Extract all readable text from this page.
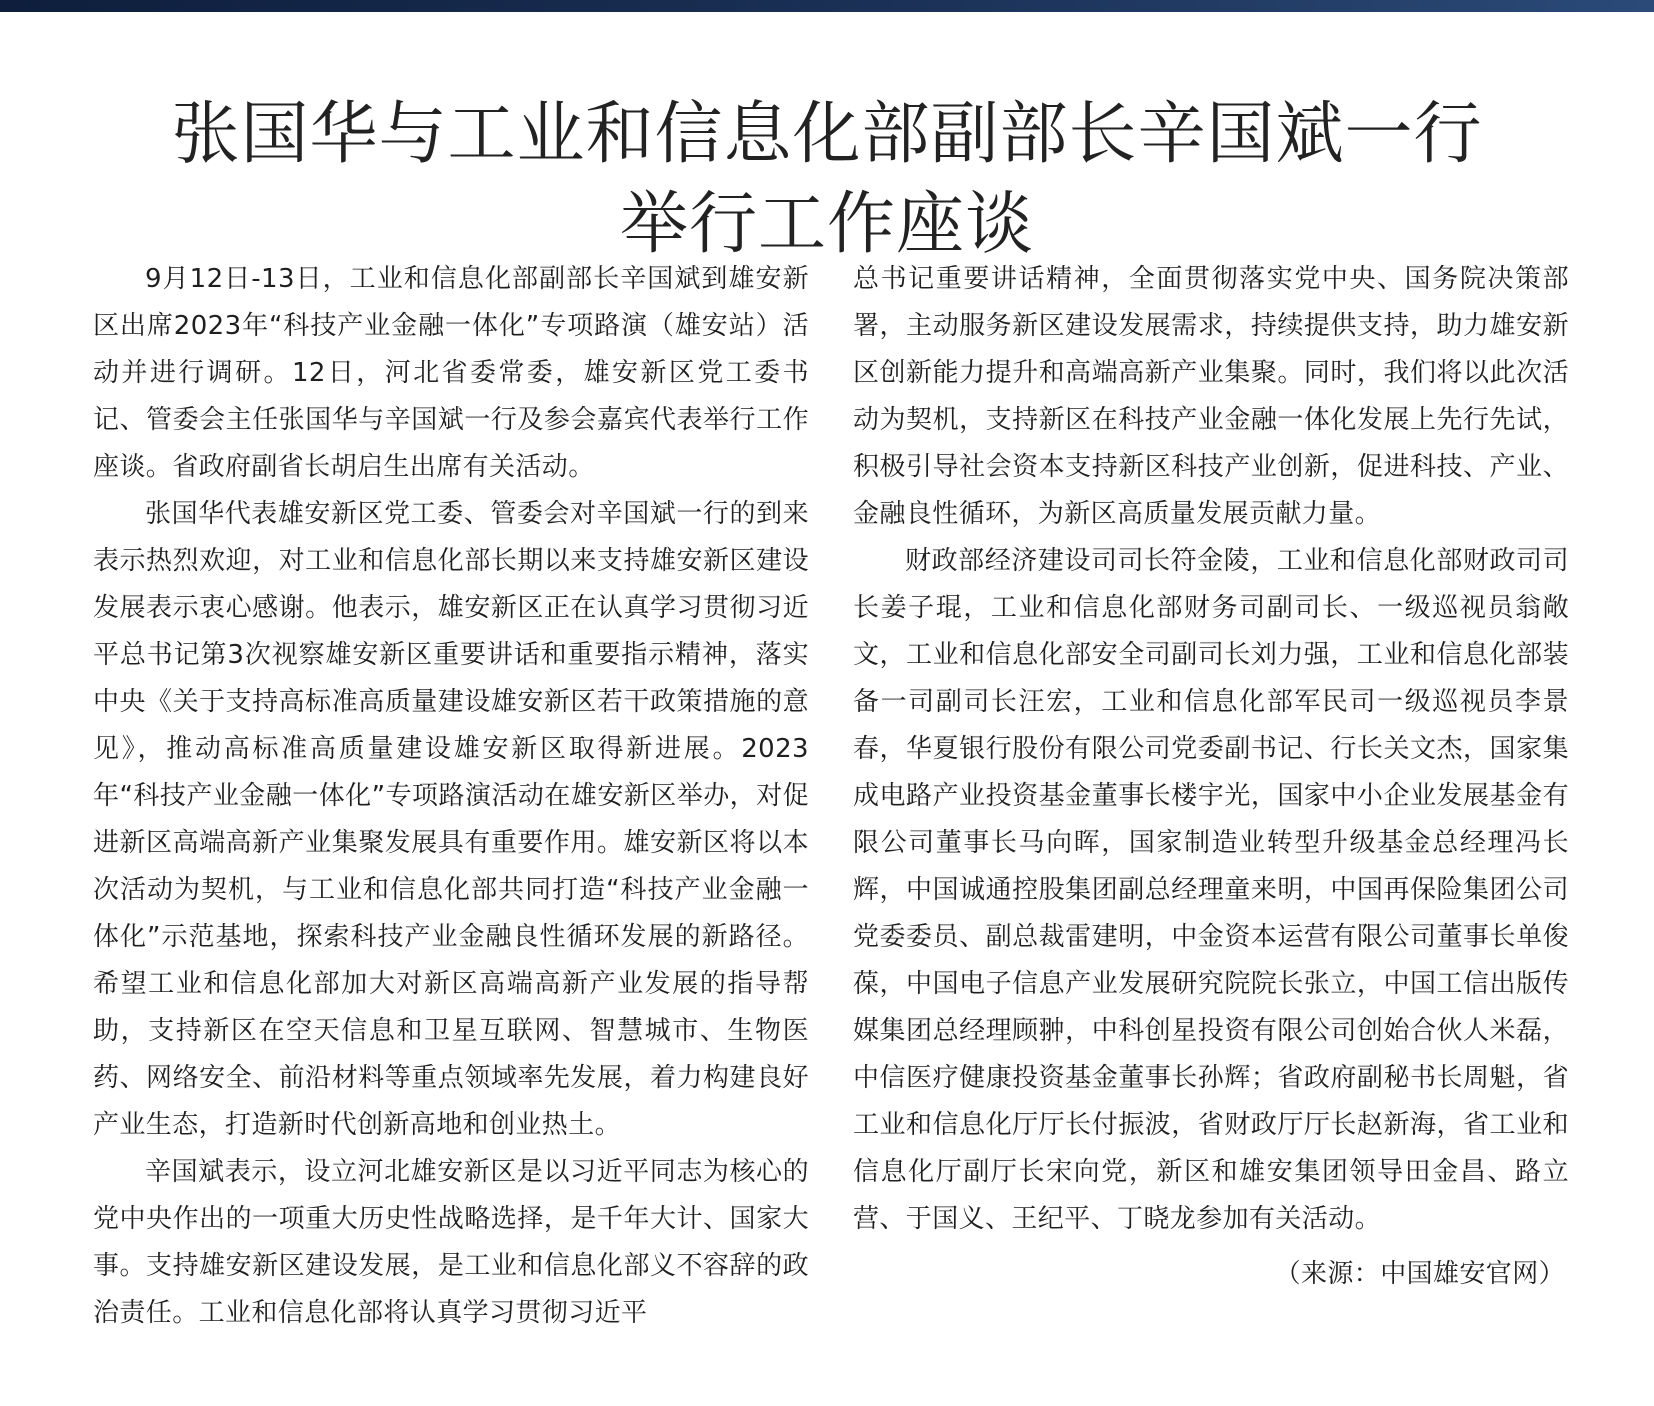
张国华与工业和信息化部副部长辛国斌一行
举行工作座谈

9月12日-13日，工业和信息化部副部长辛国斌到雄安新区出席2023年“科技产业金融一体化”专项路演（雄安站）活动并进行调研。12日，河北省委常委，雄安新区党工委书记、管委会主任张国华与辛国斌一行及参会嘉宾代表举行工作座谈。省政府副省长胡启生出席有关活动。

张国华代表雄安新区党工委、管委会对辛国斌一行的到来表示热烈欢迎，对工业和信息化部长期以来支持雄安新区建设发展表示衷心感谢。他表示，雄安新区正在认真学习贯彻习近平总书记第3次视察雄安新区重要讲话和重要指示精神，落实中央《关于支持高标准高质量建设雄安新区若干政策措施的意见》，推动高标准高质量建设雄安新区取得新进展。2023年“科技产业金融一体化”专项路演活动在雄安新区举办，对促进新区高端高新产业集聚发展具有重要作用。雄安新区将以本次活动为契机，与工业和信息化部共同打造“科技产业金融一体化”示范基地，探索科技产业金融良性循环发展的新路径。希望工业和信息化部加大对新区高端高新产业发展的指导帮助，支持新区在空天信息和卫星互联网、智慧城市、生物医药、网络安全、前沿材料等重点领域率先发展，着力构建良好产业生态，打造新时代创新高地和创业热土。

辛国斌表示，设立河北雄安新区是以习近平同志为核心的党中央作出的一项重大历史性战略选择，是千年大计、国家大事。支持雄安新区建设发展，是工业和信息化部义不容辞的政治责任。工业和信息化部将认真学习贯彻习近平

总书记重要讲话精神，全面贯彻落实党中央、国务院决策部署，主动服务新区建设发展需求，持续提供支持，助力雄安新区创新能力提升和高端高新产业集聚。同时，我们将以此次活动为契机，支持新区在科技产业金融一体化发展上先行先试，积极引导社会资本支持新区科技产业创新，促进科技、产业、金融良性循环，为新区高质量发展贡献力量。

财政部经济建设司司长符金陵，工业和信息化部财政司司长姜子琨，工业和信息化部财务司副司长、一级巡视员翁敞文，工业和信息化部安全司副司长刘力强，工业和信息化部装备一司副司长汪宏，工业和信息化部军民司一级巡视员李景春，华夏银行股份有限公司党委副书记、行长关文杰，国家集成电路产业投资基金董事长楼宇光，国家中小企业发展基金有限公司董事长马向晖，国家制造业转型升级基金总经理冯长辉，中国诚通控股集团副总经理童来明，中国再保险集团公司党委委员、副总裁雷建明，中金资本运营有限公司董事长单俊葆，中国电子信息产业发展研究院院长张立，中国工信出版传媒集团总经理顾翀，中科创星投资有限公司创始合伙人米磊，中信医疗健康投资基金董事长孙辉；省政府副秘书长周魁，省工业和信息化厅厅长付振波，省财政厅厅长赵新海，省工业和信息化厅副厅长宋向党，新区和雄安集团领导田金昌、路立营、于国义、王纪平、丁晓龙参加有关活动。

（来源：中国雄安官网）
